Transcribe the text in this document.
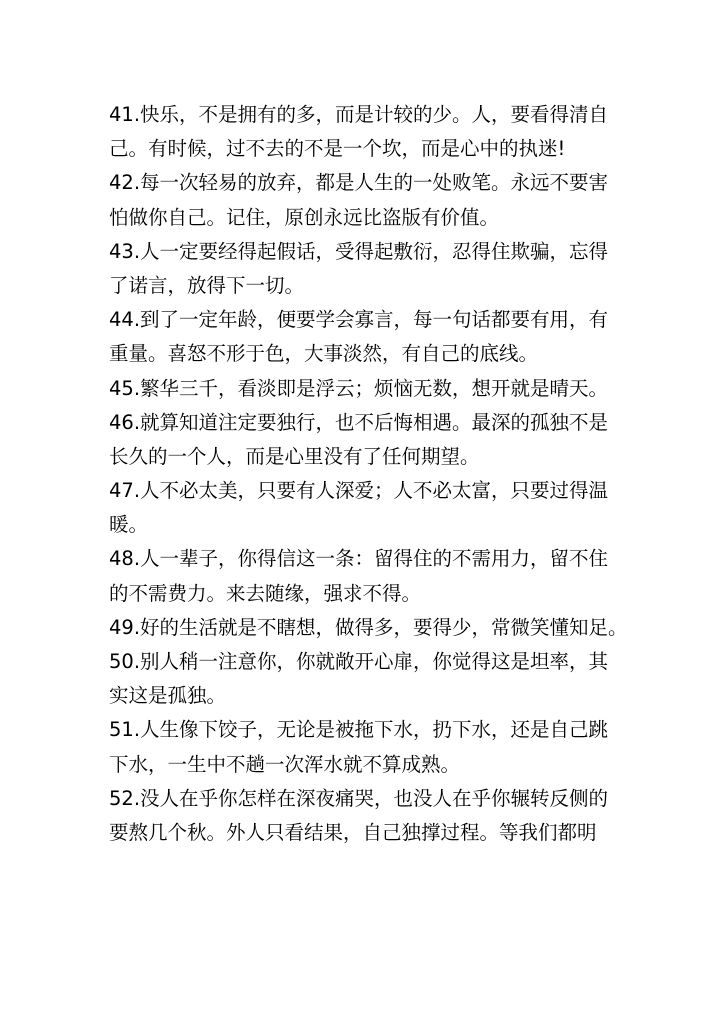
41.快乐，不是拥有的多，而是计较的少。人，要看得清自
己。有时候，过不去的不是一个坎，而是心中的执迷!
42.每一次轻易的放弃，都是人生的一处败笔。永远不要害
怕做你自己。记住，原创永远比盗版有价值。
43.人一定要经得起假话，受得起敷衍，忍得住欺骗，忘得
了诺言，放得下一切。
44.到了一定年龄，便要学会寡言，每一句话都要有用，有
重量。喜怒不形于色，大事淡然，有自己的底线。
45.繁华三千，看淡即是浮云；烦恼无数，想开就是晴天。
46.就算知道注定要独行，也不后悔相遇。最深的孤独不是
长久的一个人，而是心里没有了任何期望。
47.人不必太美，只要有人深爱；人不必太富，只要过得温
暖。
48.人一辈子，你得信这一条：留得住的不需用力，留不住
的不需费力。来去随缘，强求不得。
49.好的生活就是不瞎想，做得多，要得少，常微笑懂知足。
50.别人稍一注意你，你就敞开心扉，你觉得这是坦率，其
实这是孤独。
51.人生像下饺子，无论是被拖下水，扔下水，还是自己跳
下水，一生中不趟一次浑水就不算成熟。
52.没人在乎你怎样在深夜痛哭，也没人在乎你辗转反侧的
要熬几个秋。外人只看结果，自己独撑过程。等我们都明
